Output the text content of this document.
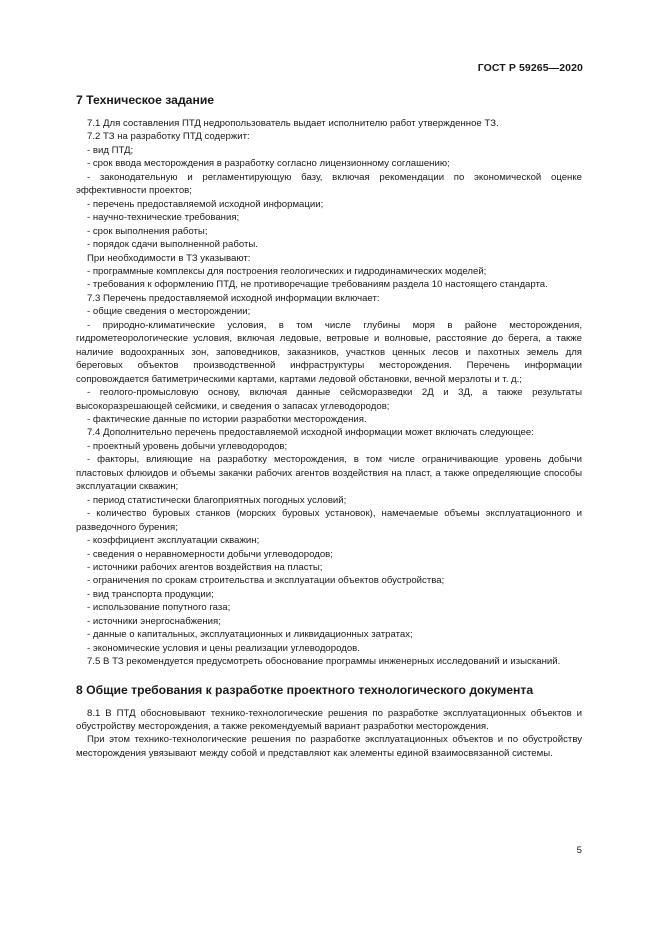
ГОСТ Р 59265—2020
7 Техническое задание

7.1 Для составления ПТД недропользователь выдает исполнителю работ утвержденное ТЗ.

7.2 ТЗ на разработку ПТД содержит:

- вид ПТД;

- срок ввода месторождения в разработку согласно лицензионному соглашению;

- законодательную и регламентирующую базу, включая рекомендации по экономической оценке эффективности проектов;

- перечень предоставляемой исходной информации;

- научно-технические требования;

- срок выполнения работы;

- порядок сдачи выполненной работы.

При необходимости в ТЗ указывают:

- программные комплексы для построения геологических и гидродинамических моделей;

- требования к оформлению ПТД, не противоречащие требованиям раздела 10 настоящего стандарта.

7.3 Перечень предоставляемой исходной информации включает:

- общие сведения о месторождении;

- природно-климатические условия, в том числе глубины моря в районе месторождения, гидрометеорологические условия, включая ледовые, ветровые и волновые, расстояние до берега, а также наличие водоохранных зон, заповедников, заказников, участков ценных лесов и пахотных земель для береговых объектов производственной инфраструктуры месторождения. Перечень информации сопровождается батиметрическими картами, картами ледовой обстановки, вечной мерзлоты и т. д.;

- геолого-промысловую основу, включая данные сейсморазведки 2Д и 3Д, а также результаты высокоразрешающей сейсмики, и сведения о запасах углеводородов;

- фактические данные по истории разработки месторождения.

7.4 Дополнительно перечень предоставляемой исходной информации может включать следующее:

- проектный уровень добычи углеводородов;

- факторы, влияющие на разработку месторождения, в том числе ограничивающие уровень добычи пластовых флюидов и объемы закачки рабочих агентов воздействия на пласт, а также определяющие способы эксплуатации скважин;

- период статистически благоприятных погодных условий;

- количество буровых станков (морских буровых установок), намечаемые объемы эксплуатационного и разведочного бурения;

- коэффициент эксплуатации скважин;

- сведения о неравномерности добычи углеводородов;

- источники рабочих агентов воздействия на пласты;

- ограничения по срокам строительства и эксплуатации объектов обустройства;

- вид транспорта продукции;

- использование попутного газа;

- источники энергоснабжения;

- данные о капитальных, эксплуатационных и ликвидационных затратах;

- экономические условия и цены реализации углеводородов.

7.5 В ТЗ рекомендуется предусмотреть обоснование программы инженерных исследований и изысканий.

8 Общие требования к разработке проектного технологического документа

8.1 В ПТД обосновывают технико-технологические решения по разработке эксплуатационных объектов и обустройству месторождения, а также рекомендуемый вариант разработки месторождения.

При этом технико-технологические решения по разработке эксплуатационных объектов и по обустройству месторождения увязывают между собой и представляют как элементы единой взаимосвязанной системы.

5
